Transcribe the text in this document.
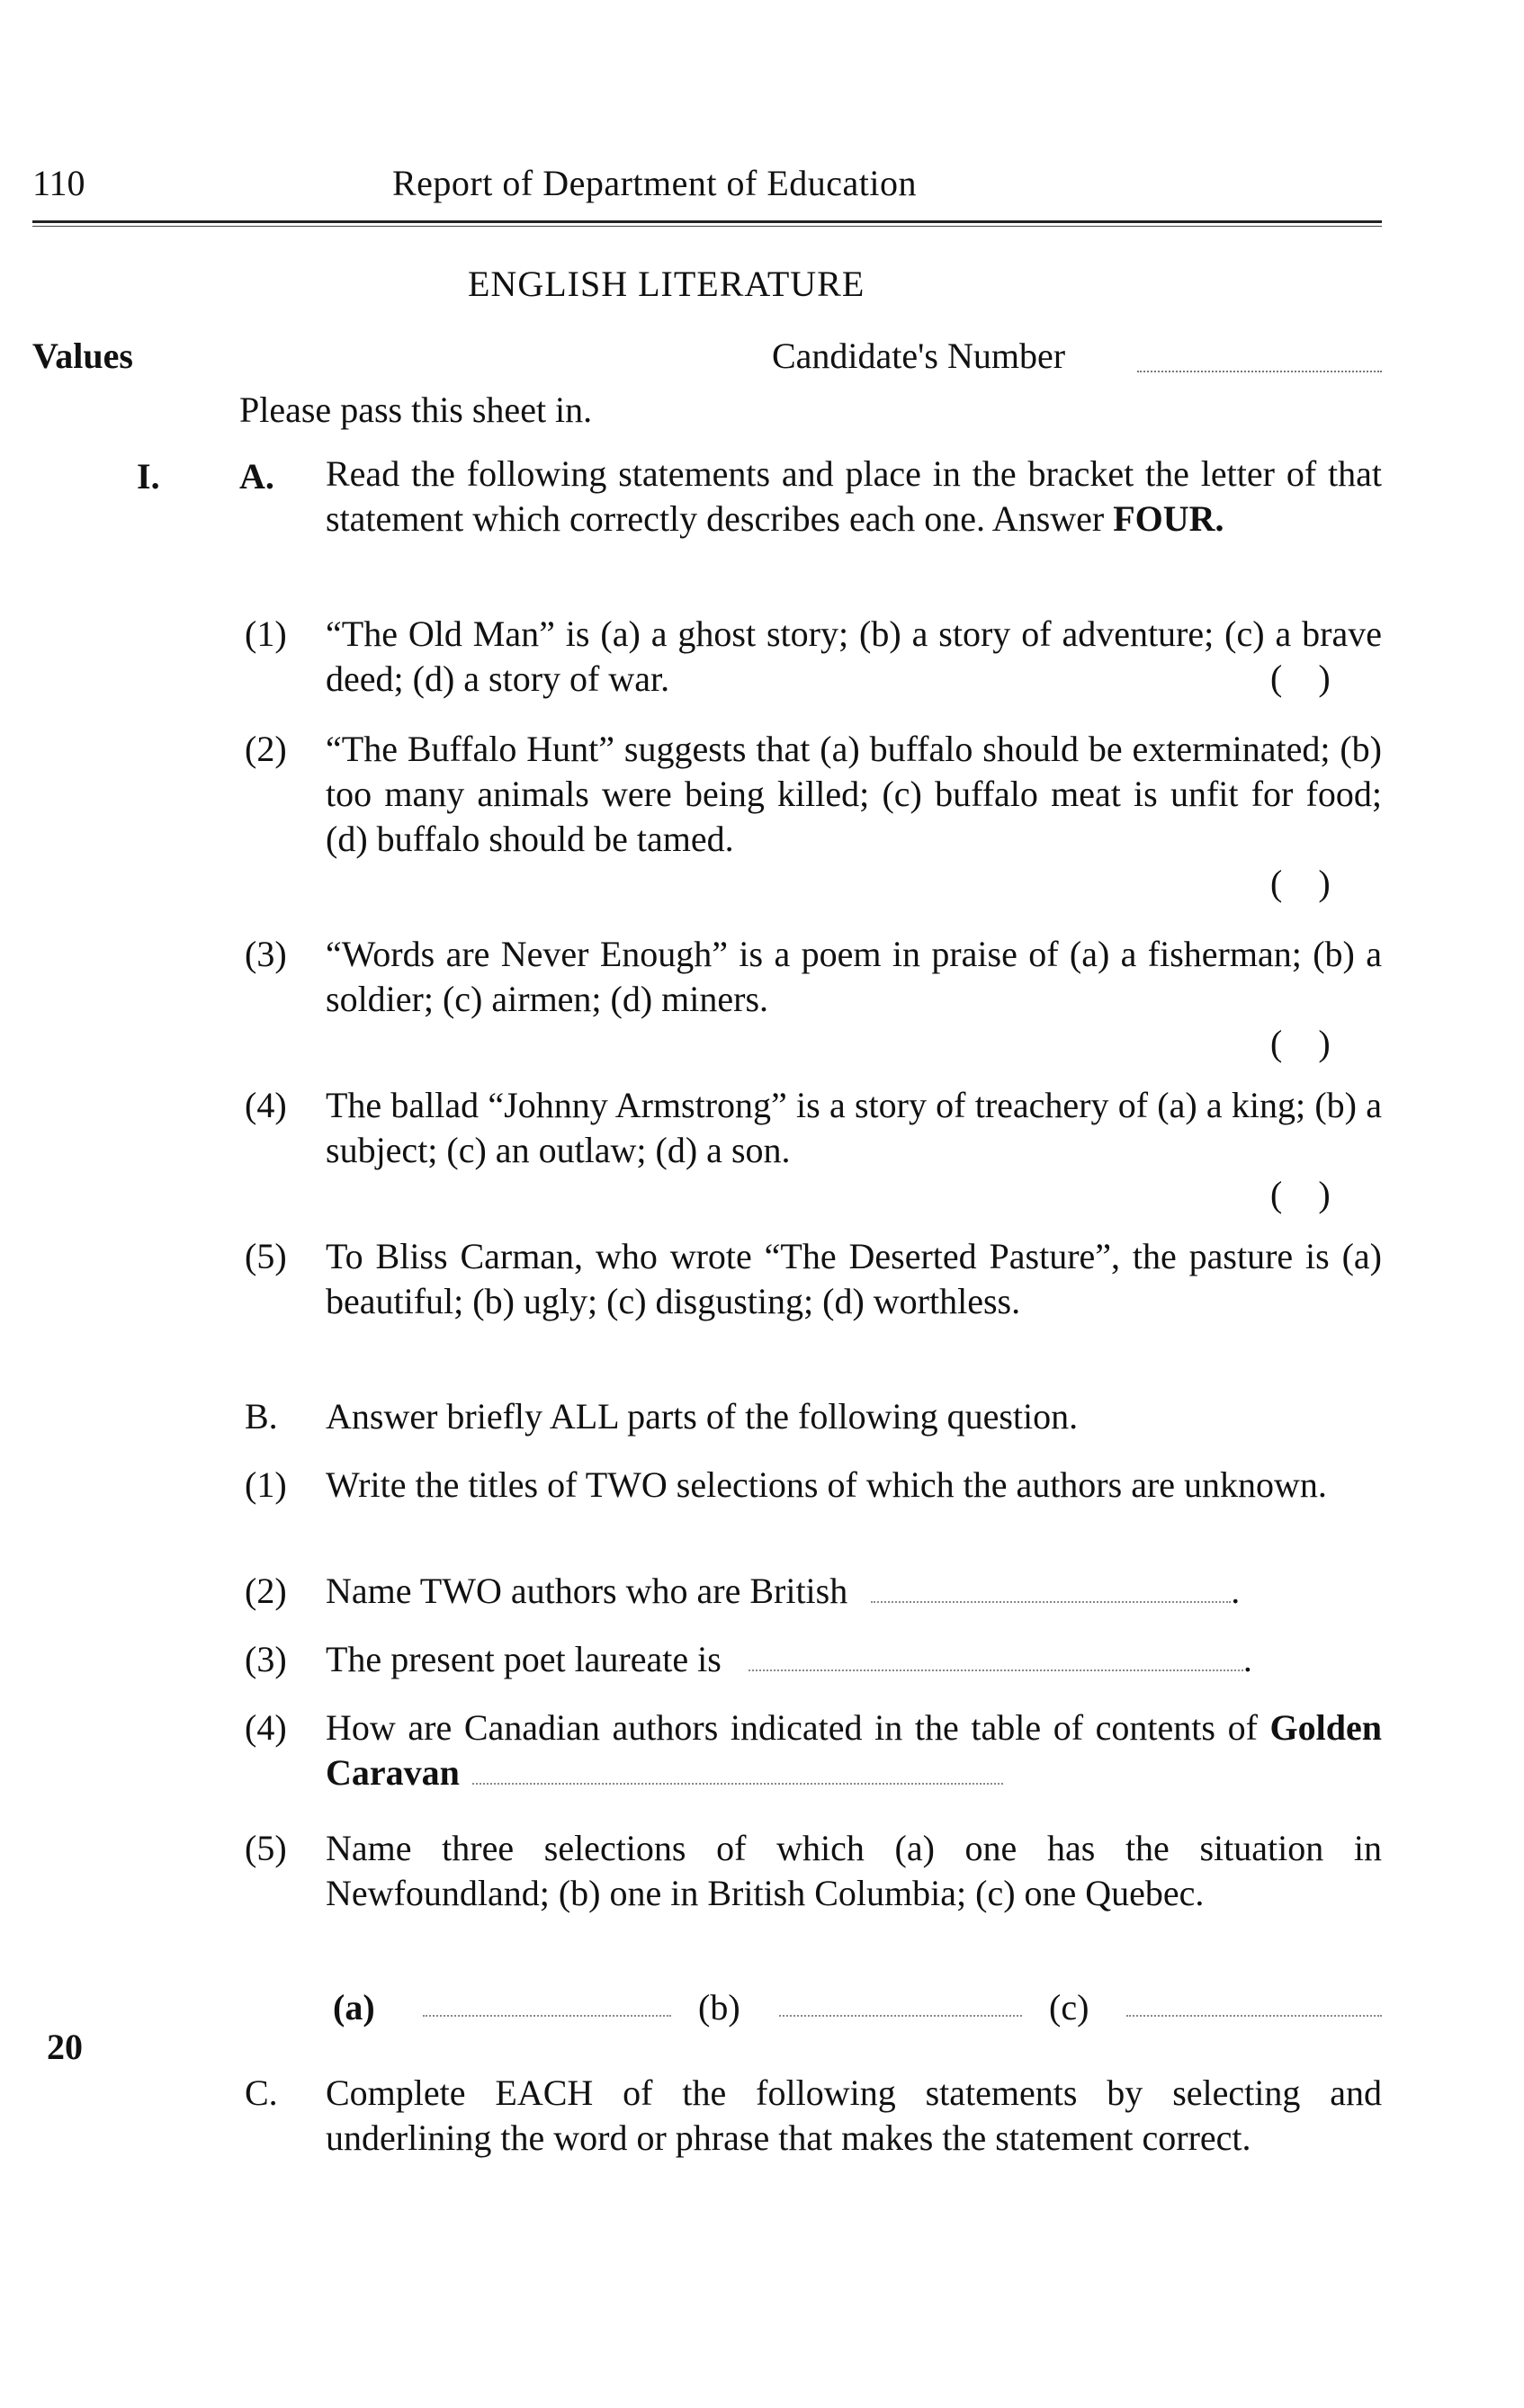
110	Report of Department of Education
ENGLISH LITERATURE
Values	Candidate's Number
Please pass this sheet in.
I. A. Read the following statements and place in the bracket the letter of that statement which correctly describes each one. Answer FOUR.
(1) “The Old Man” is (a) a ghost story; (b) a story of adventure; (c) a brave deed; (d) a story of war.	(    )
(2) “The Buffalo Hunt” suggests that (a) buffalo should be exterminated; (b) too many animals were being killed; (c) buffalo meat is unfit for food; (d) buffalo should be tamed.
(    )
(3) “Words are Never Enough” is a poem in praise of (a) a fisherman; (b) a soldier; (c) airmen; (d) miners.
(    )
(4) The ballad “Johnny Armstrong” is a story of treachery of (a) a king; (b) a subject; (c) an outlaw; (d) a son.
(    )
(5) To Bliss Carman, who wrote “The Deserted Pasture”, the pasture is (a) beautiful; (b) ugly; (c) disgusting; (d) worthless.
B. Answer briefly ALL parts of the following question.
(1) Write the titles of TWO selections of which the authors are unknown.
(2) Name TWO authors who are British	.
(3) The present poet laureate is	.
(4) How are Canadian authors indicated in the table of contents of Golden Caravan
(5) Name three selections of which (a) one has the situation in Newfoundland; (b) one in British Columbia; (c) one Quebec.
(a)	(b)	(c)
20
C. Complete EACH of the following statements by selecting and underlining the word or phrase that makes the statement correct.
